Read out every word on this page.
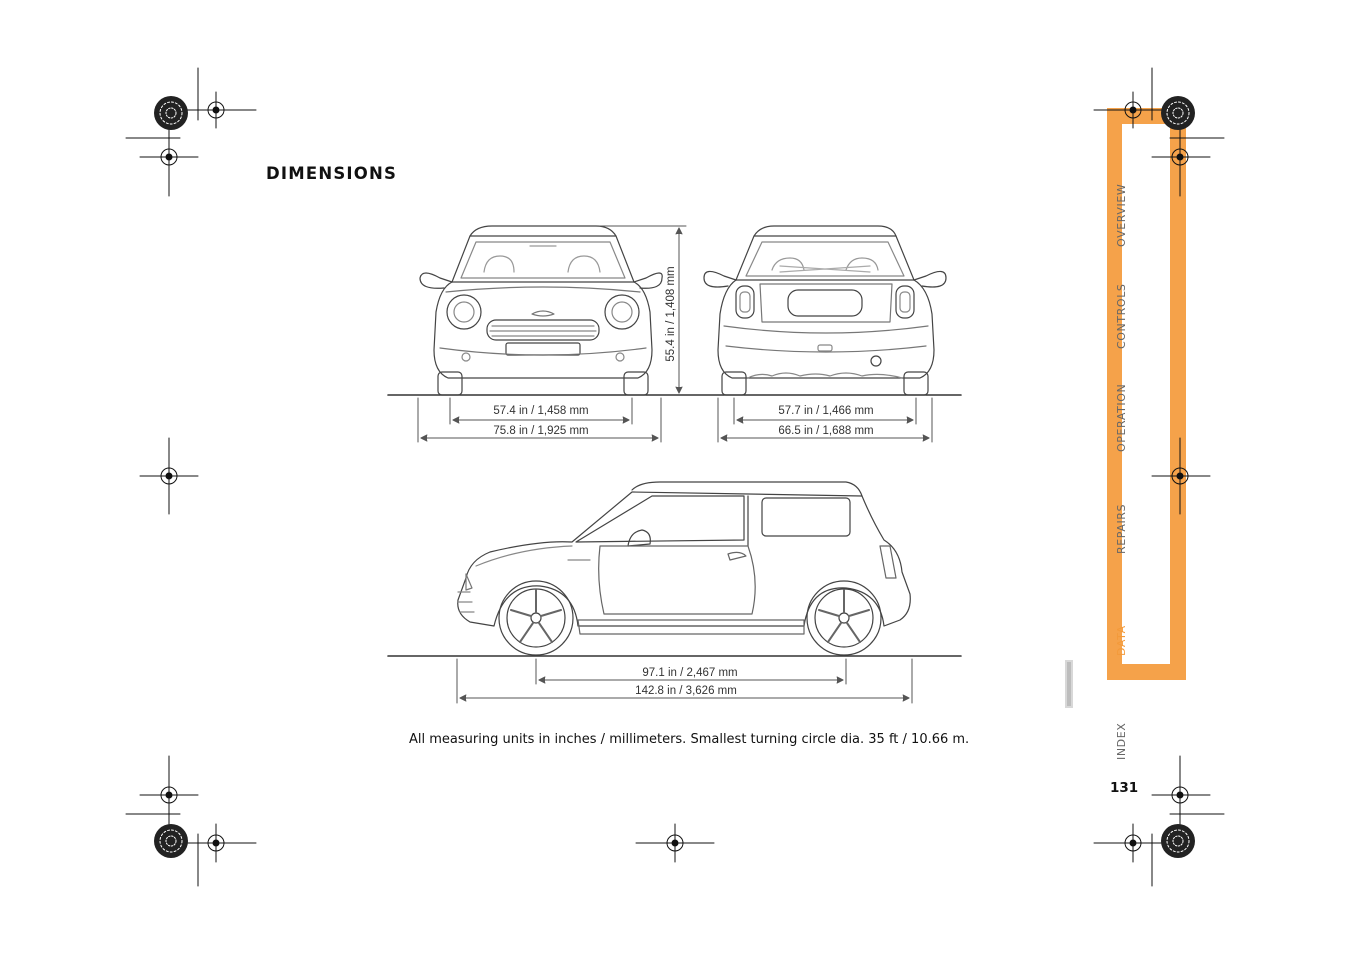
DIMENSIONS
OVERVIEW
CONTROLS
OPERATION
REPAIRS
DATA
INDEX
57.4 in / 1,458 mm
75.8 in / 1,925 mm
57.7 in / 1,466 mm
66.5 in / 1,688 mm
97.1 in / 2,467 mm
142.8 in / 3,626 mm
55.4 in / 1,408 mm
All measuring units in inches / millimeters. Smallest turning circle dia. 35 ft / 10.66 m.
131
